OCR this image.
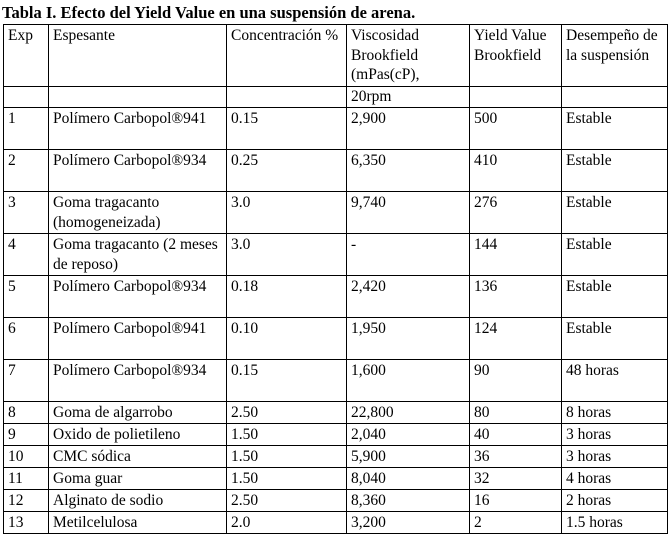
Tabla I. Efecto del Yield Value en una suspensión de arena.
Exp	Espesante	Concentración %	Viscosidad Brookfield (mPas(cP),	Yield Value Brookfield	Desempeño de la suspensión
			20rpm		
1	Polímero Carbopol®941	0.15	2,900	500	Estable
2	Polímero Carbopol®934	0.25	6,350	410	Estable
3	Goma tragacanto (homogeneizada)	3.0	9,740	276	Estable
4	Goma tragacanto (2 meses de reposo)	3.0	-	144	Estable
5	Polímero Carbopol®934	0.18	2,420	136	Estable
6	Polímero Carbopol®941	0.10	1,950	124	Estable
7	Polímero Carbopol®934	0.15	1,600	90	48 horas
8	Goma de algarrobo	2.50	22,800	80	8 horas
9	Oxido de polietileno	1.50	2,040	40	3 horas
10	CMC sódica	1.50	5,900	36	3 horas
11	Goma guar	1.50	8,040	32	4 horas
12	Alginato de sodio	2.50	8,360	16	2 horas
13	Metilcelulosa	2.0	3,200	2	1.5 horas
